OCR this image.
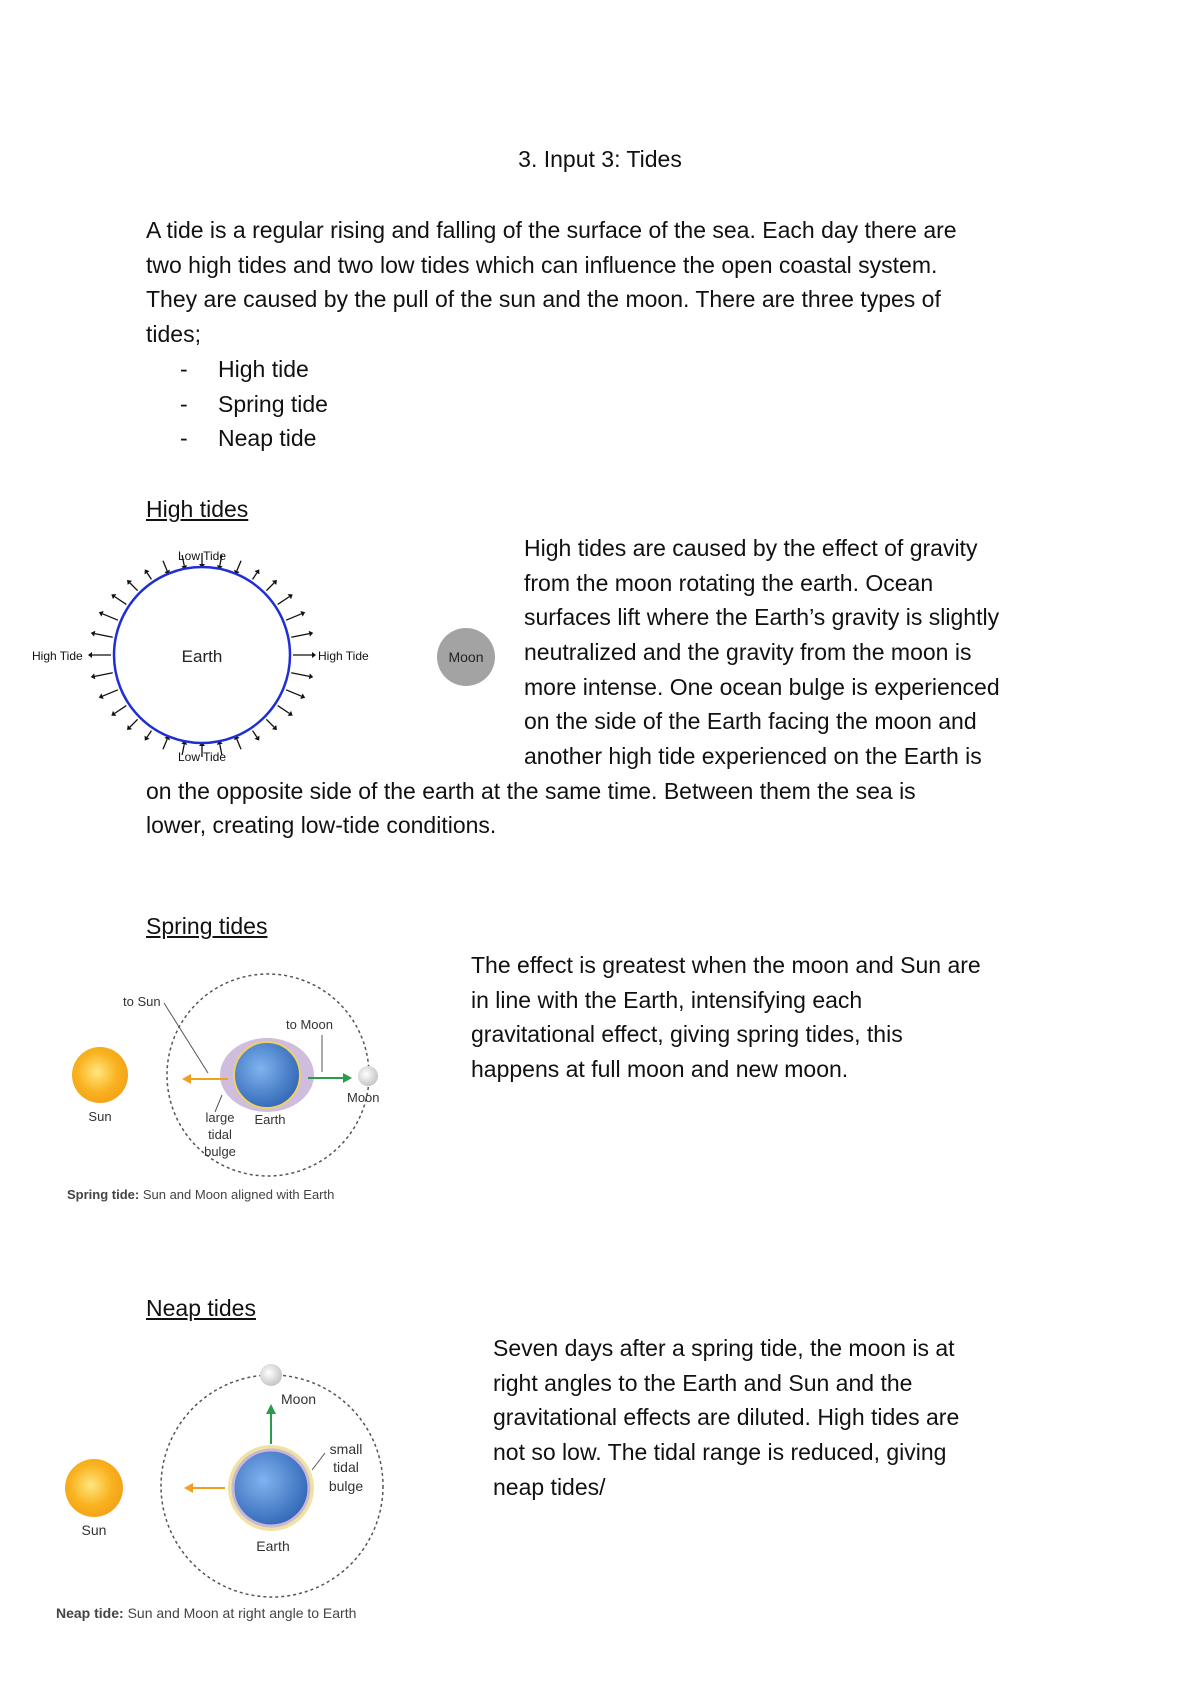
3. Input 3: Tides
A tide is a regular rising and falling of the surface of the sea. Each day there are
two high tides and two low tides which can influence the open coastal system.
They are caused by the pull of the sun and the moon. There are three types of
tides;
- High tide
- Spring tide
- Neap tide
High tides
Earth
Low Tide
Low Tide
High Tide	High Tide	Moon
High tides are caused by the effect of gravity
from the moon rotating the earth. Ocean
surfaces lift where the Earth’s gravity is slightly
neutralized and the gravity from the moon is
more intense. One ocean bulge is experienced
on the side of the Earth facing the moon and
another high tide experienced on the Earth is
on the opposite side of the earth at the same time. Between them the sea is
lower, creating low-tide conditions.
Spring tides
Sun	Earth
Moon
to Sun
to Moon
large
tidal
bulge
Spring tide: Sun and Moon aligned with Earth
The effect is greatest when the moon and Sun are
in line with the Earth, intensifying each
gravitational effect, giving spring tides, this
happens at full moon and new moon.
Neap tides
Sun
Earth
Moon
small
tidal
bulge
Neap tide: Sun and Moon at right angle to Earth
Seven days after a spring tide, the moon is at
right angles to the Earth and Sun and the
gravitational effects are diluted. High tides are
not so low. The tidal range is reduced, giving
neap tides/
